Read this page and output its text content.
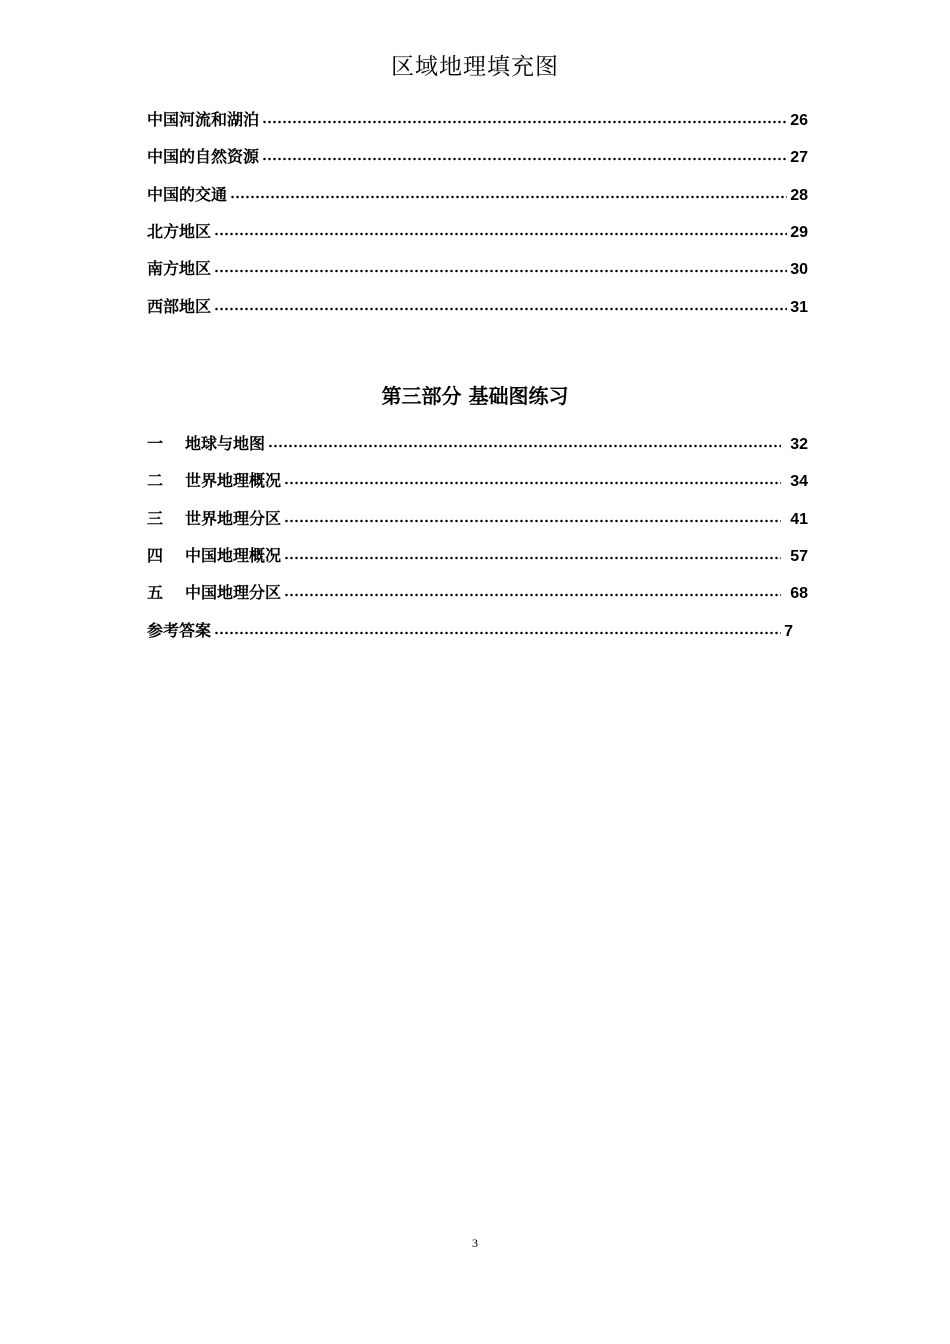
区域地理填充图
中国河流和湖泊	26
中国的自然资源	27
中国的交通	28
北方地区	29
南方地区	30
西部地区	31
第三部分 基础图练习
一	地球与地图	32
二	世界地理概况	34
三	世界地理分区	41
四	中国地理概况	57
五	中国地理分区	68
参考答案	7
3
